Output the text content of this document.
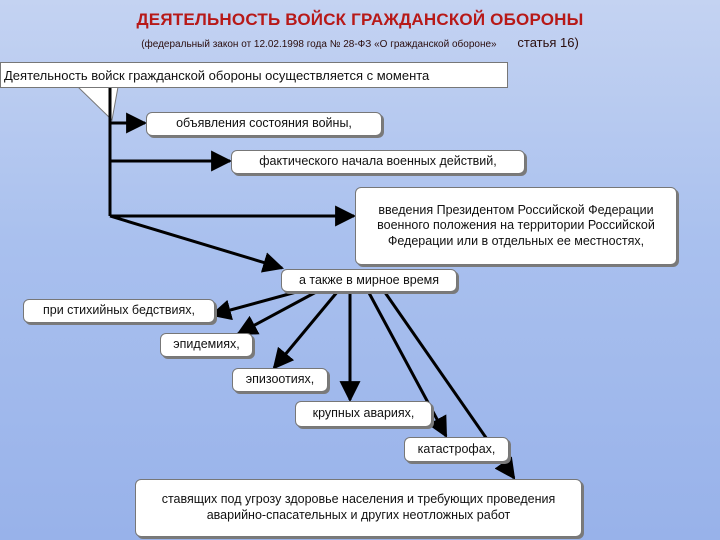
ДЕЯТЕЛЬНОСТЬ ВОЙСК ГРАЖДАНСКОЙ ОБОРОНЫ
(федеральный закон от 12.02.1998 года № 28-ФЗ «О гражданской обороне» статья 16)
Деятельность войск гражданской обороны осуществляется с момента
объявления состояния войны,
фактического начала военных действий,
введения Президентом Российской Федерации военного положения на территории Российской Федерации или в отдельных ее местностях,
а также в мирное время
при стихийных бедствиях,
эпидемиях,
эпизоотиях,
крупных авариях,
катастрофах,
ставящих под угрозу здоровье населения и требующих проведения аварийно-спасательных и других неотложных работ
